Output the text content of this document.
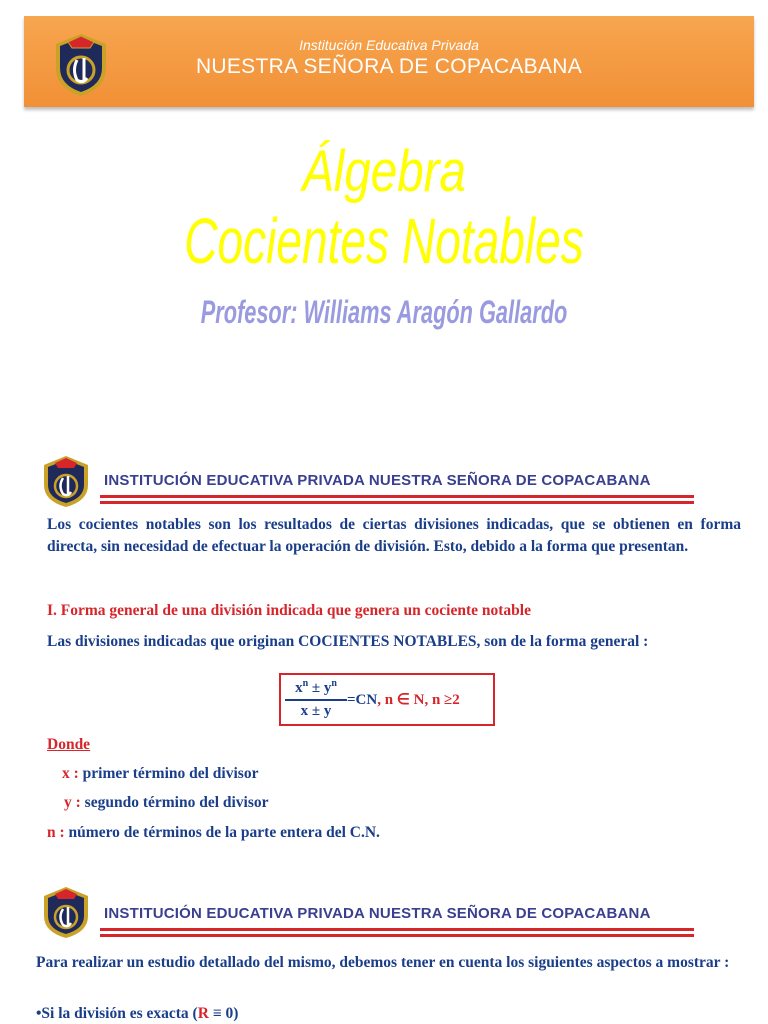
Institución Educativa Privada
NUESTRA SEÑORA DE COPACABANA
Álgebra
Cocientes Notables
Profesor: Williams Aragón Gallardo
INSTITUCIÓN EDUCATIVA PRIVADA NUESTRA SEÑORA DE COPACABANA
Los cocientes notables son los resultados de ciertas divisiones indicadas, que se obtienen en forma directa, sin necesidad de efectuar la operación de división. Esto, debido a la forma que presentan.
I. Forma general de una división indicada que genera un cociente notable
Las divisiones indicadas que originan COCIENTES NOTABLES, son de la forma general :
$x^n \pm y^n$
x ± y
=CN, n ∈ N, n ≥2
Donde
x : primer término del divisor
y : segundo término del divisor
n : número de términos de la parte entera del C.N.
INSTITUCIÓN EDUCATIVA PRIVADA NUESTRA SEÑORA DE COPACABANA
Para realizar un estudio detallado del mismo, debemos tener en cuenta los siguientes aspectos a mostrar :
•Si la división es exacta (R ≡ 0)
